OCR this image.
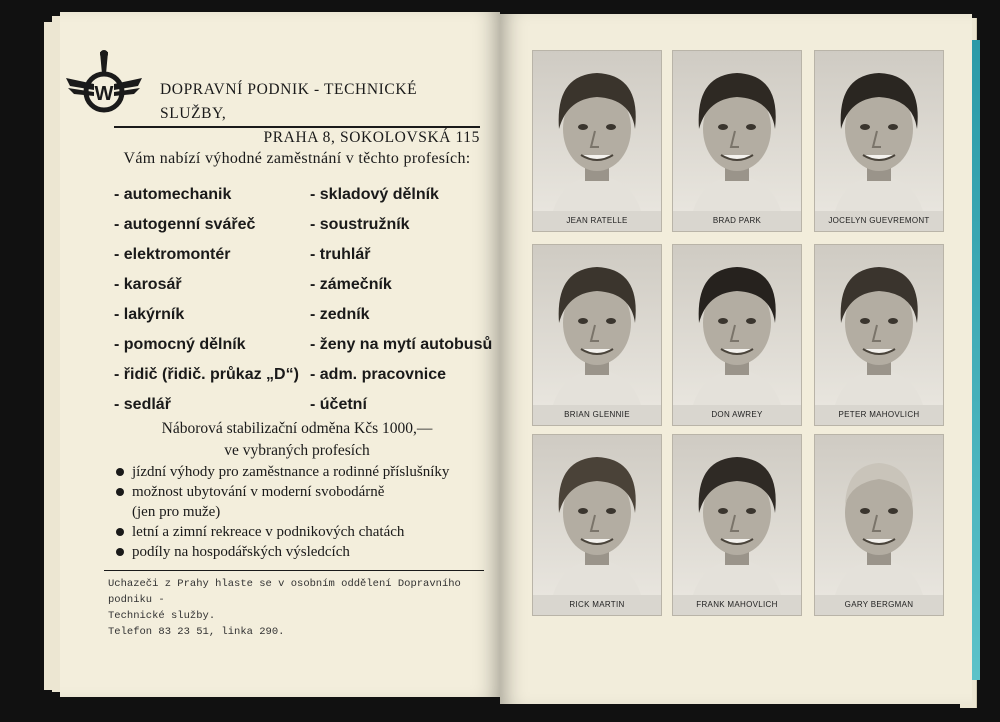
W	DOPRAVNÍ PODNIK - TECHNICKÉ SLUŽBY,
PRAHA 8, SOKOLOVSKÁ 115
Vám nabízí výhodné zaměstnání v těchto profesích:
- automechanik
- autogenní svářeč
- elektromontér
- karosář
- lakýrník
- pomocný dělník
- řidič (řidič. průkaz „D“)
- sedlář
- skladový dělník
- soustružník
- truhlář
- zámečník
- zedník
- ženy na mytí autobusů
- adm. pracovnice
- účetní
Náborová stabilizační odměna Kčs 1000,—
ve vybraných profesích
jízdní výhody pro zaměstnance a rodinné příslušníky
možnost ubytování v moderní svobodárně
(jen pro muže)
letní a zimní rekreace v podnikových chatách
podíly na hospodářských výsledcích
Uchazeči z Prahy hlaste se v osobním oddělení Dopravního podniku -
Technické služby.
Telefon 83 23 51, linka 290.
JEAN RATELLE	BRAD PARK	JOCELYN GUEVREMONT
BRIAN GLENNIE	DON AWREY	PETER MAHOVLICH
RICK MARTIN	FRANK MAHOVLICH	GARY BERGMAN
